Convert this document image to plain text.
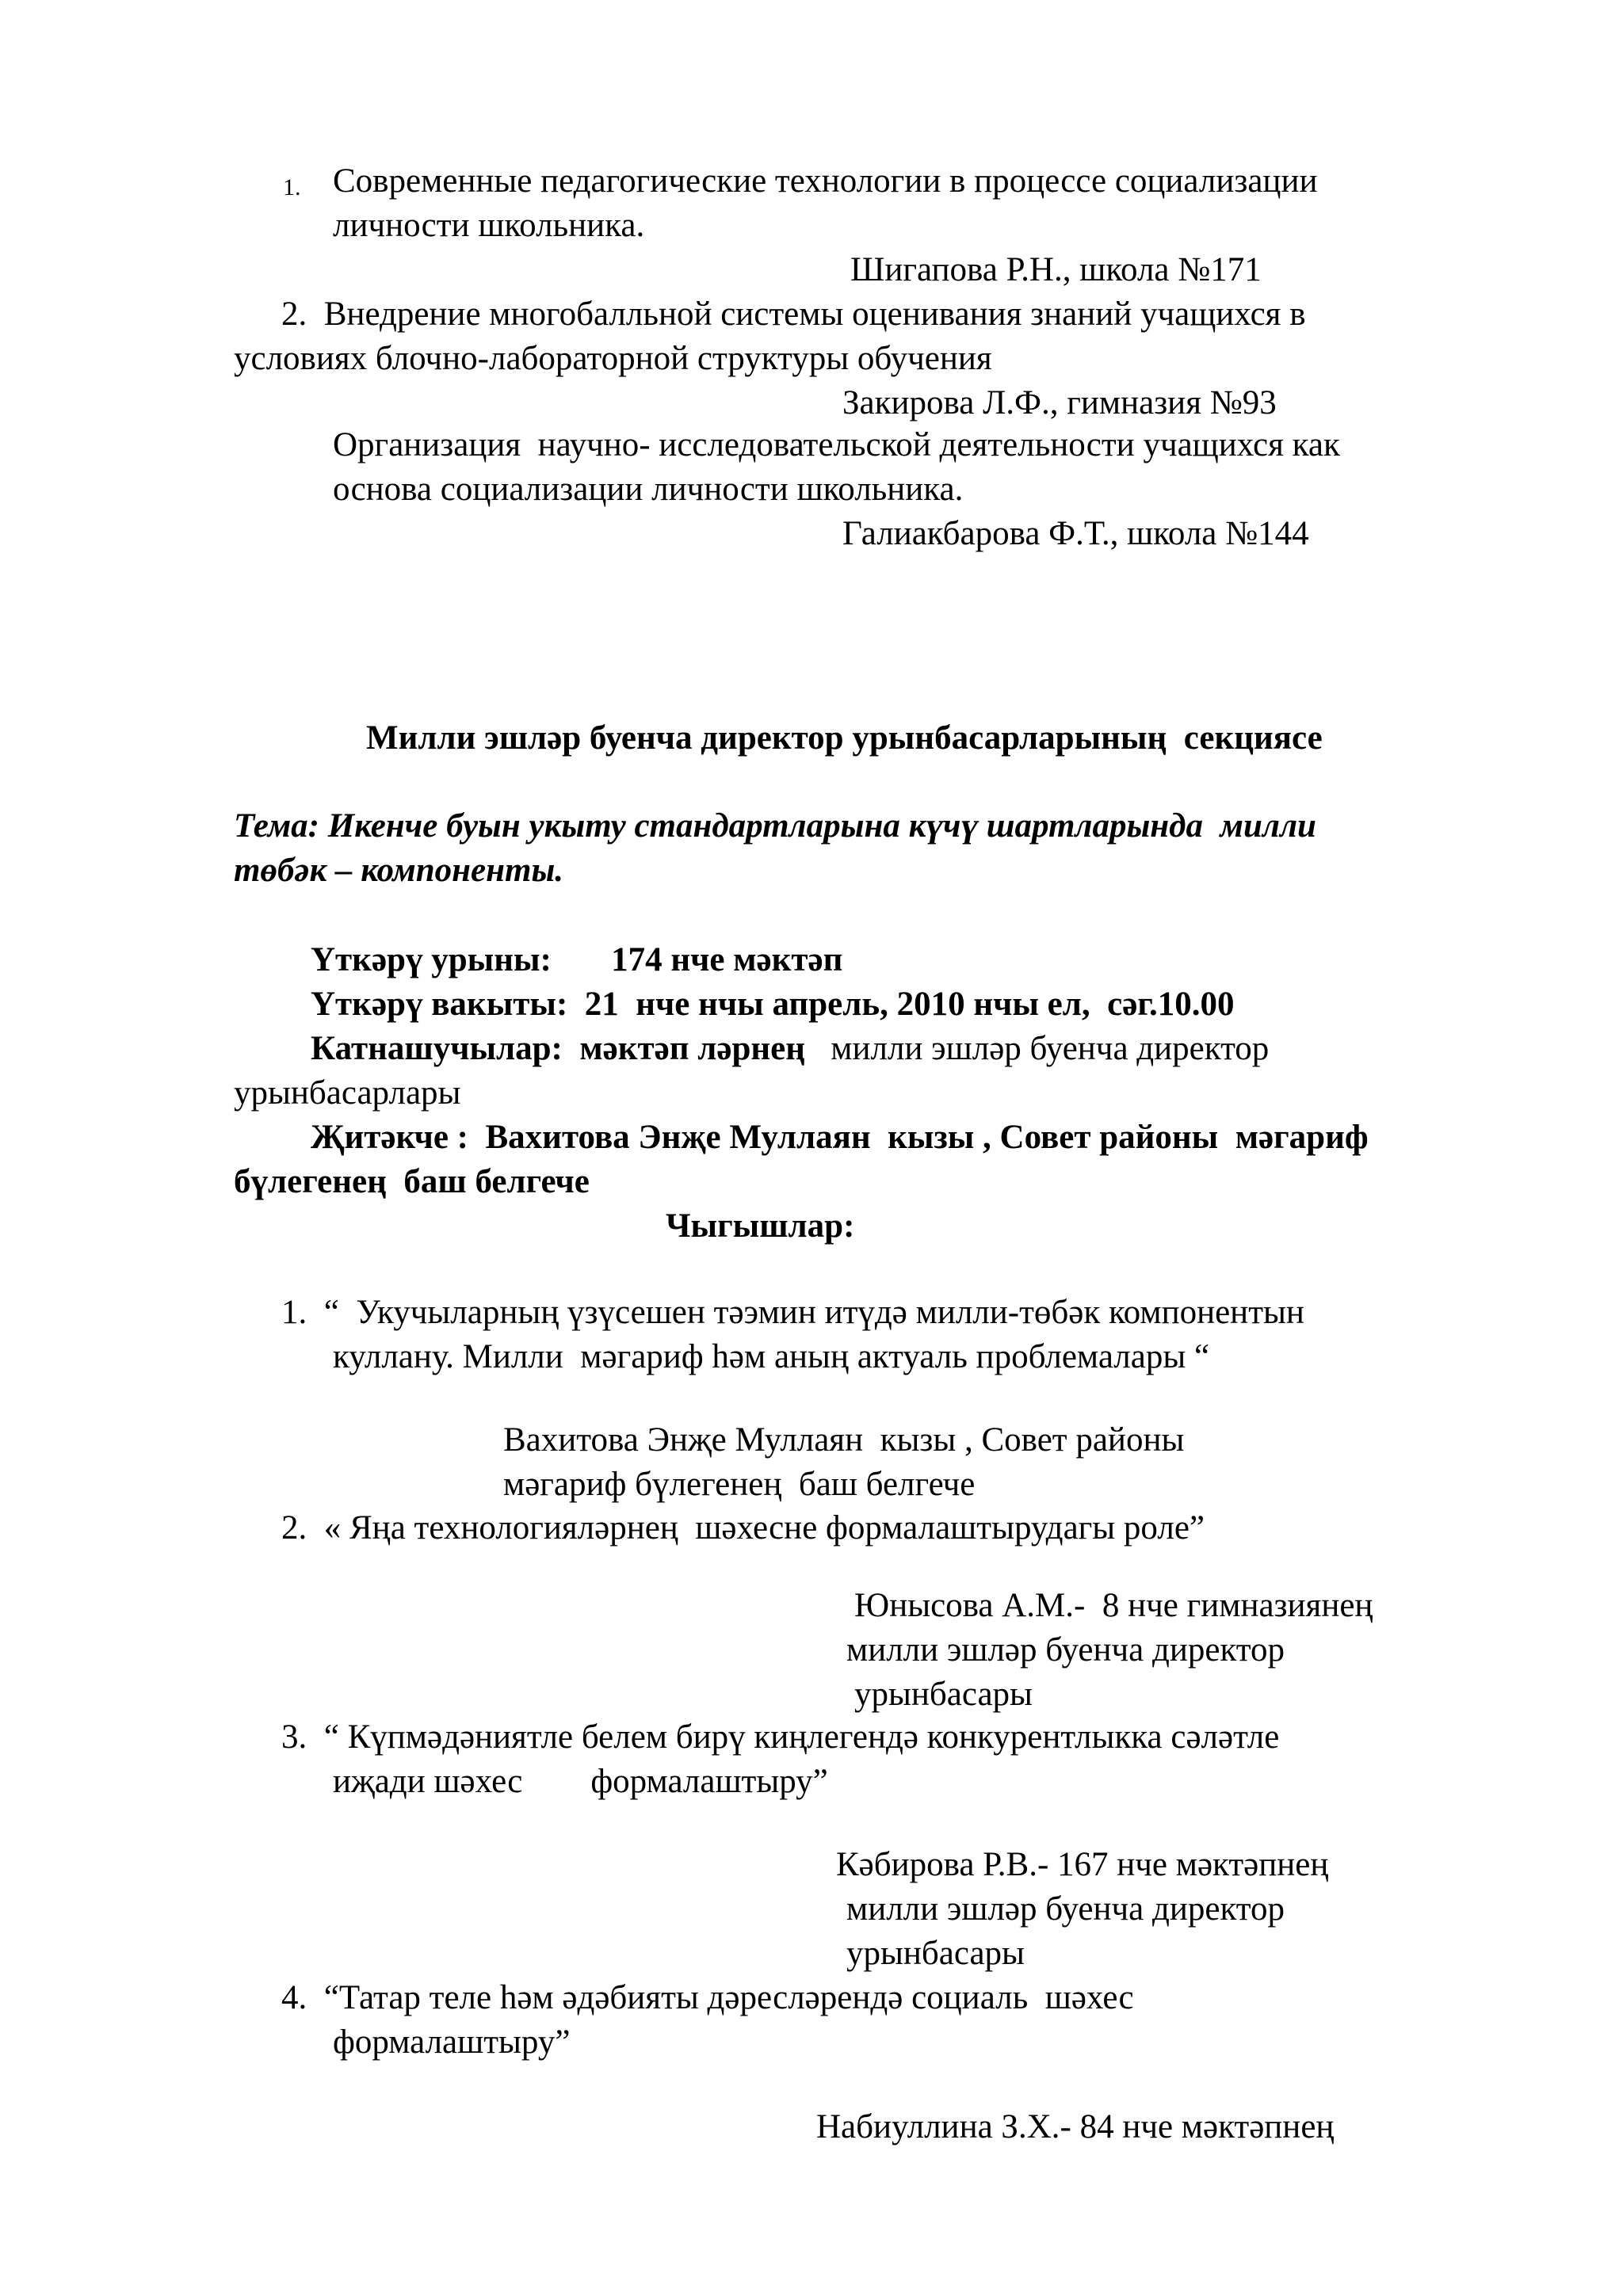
1. Современные педагогические технологии в процессе социализации
личности школьника.
Шигапова Р.Н., школа №171
2.  Внедрение многобалльной системы оценивания знаний учащихся в
условиях блочно-лабораторной структуры обучения
Закирова Л.Ф., гимназия №93
Организация  научно- исследовательской деятельности учащихся как
основа социализации личности школьника.
Галиакбарова Ф.Т., школа №144
Милли эшләр буенча директор урынбасарларының  секциясе
Тема: Икенче буын укыту стандартларына күчү шартларында  милли
төбәк – компоненты.
Үткәрү урыны:       174 нче мәктәп
Үткәрү вакыты:  21  нче нчы апрель, 2010 нчы ел,  сәг.10.00
Катнашучылар:  мәктәп ләрнең   милли эшләр буенча директор
урынбасарлары
Җитәкче :  Вахитова Энҗе Муллаян  кызы , Совет районы  мәгариф
бүлегенең  баш белгече
Чыгышлар:
1.  “  Укучыларның үзүсешен тәэмин итүдә милли-төбәк компонентын
куллану. Милли  мәгариф һәм аның актуаль проблемалары “
Вахитова Энҗе Муллаян  кызы , Совет районы
мәгариф бүлегенең  баш белгече
2.  « Яңа технологияләрнең  шәхесне формалаштырудагы роле”
Юнысова А.М.-  8 нче гимназиянең
милли эшләр буенча директор
урынбасары
3.  “ Күпмәдәниятле белем бирү киңлегендә конкурентлыкка сәләтле
иҗади шәхес        формалаштыру”
Кәбирова Р.В.- 167 нче мәктәпнең
милли эшләр буенча директор
урынбасары
4.  “Татар теле һәм әдәбияты дәресләрендә социаль  шәхес
формалаштыру”
Набиуллина З.Х.- 84 нче мәктәпнең
